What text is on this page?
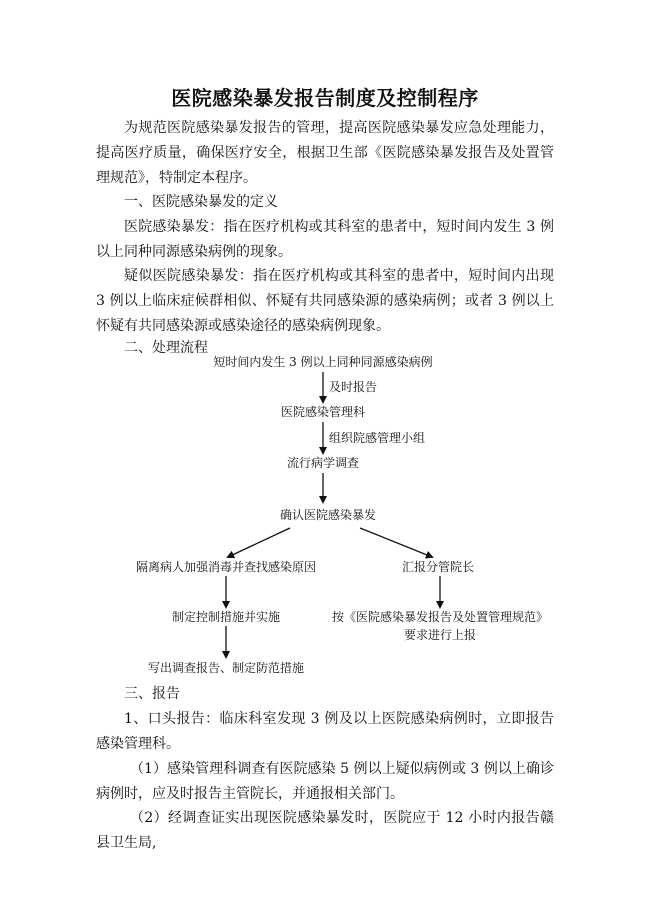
医院感染暴发报告制度及控制程序

为规范医院感染暴发报告的管理，提高医院感染暴发应急处理能力，提高医疗质量，确保医疗安全，根据卫生部《医院感染暴发报告及处置管理规范》，特制定本程序。

一、医院感染暴发的定义

医院感染暴发：指在医疗机构或其科室的患者中，短时间内发生 3 例以上同种同源感染病例的现象。

疑似医院感染暴发：指在医疗机构或其科室的患者中，短时间内出现 3 例以上临床症候群相似、怀疑有共同感染源的感染病例；或者 3 例以上怀疑有共同感染源或感染途径的感染病例现象。

二、处理流程
短时间内发生 3 例以上同种同源感染病例
及时报告
医院感染管理科
组织院感管理小组
流行病学调查
确认医院感染暴发
隔离病人加强消毒并查找感染原因	汇报分管院长
制定控制措施并实施	按《医院感染暴发报告及处置管理规范》
要求进行上报
写出调查报告、制定防范措施
三、报告

1、口头报告：临床科室发现 3 例及以上医院感染病例时，立即报告感染管理科。

（1）感染管理科调查有医院感染 5 例以上疑似病例或 3 例以上确诊病例时，应及时报告主管院长，并通报相关部门。

（2）经调查证实出现医院感染暴发时，医院应于 12 小时内报告赣县卫生局,
